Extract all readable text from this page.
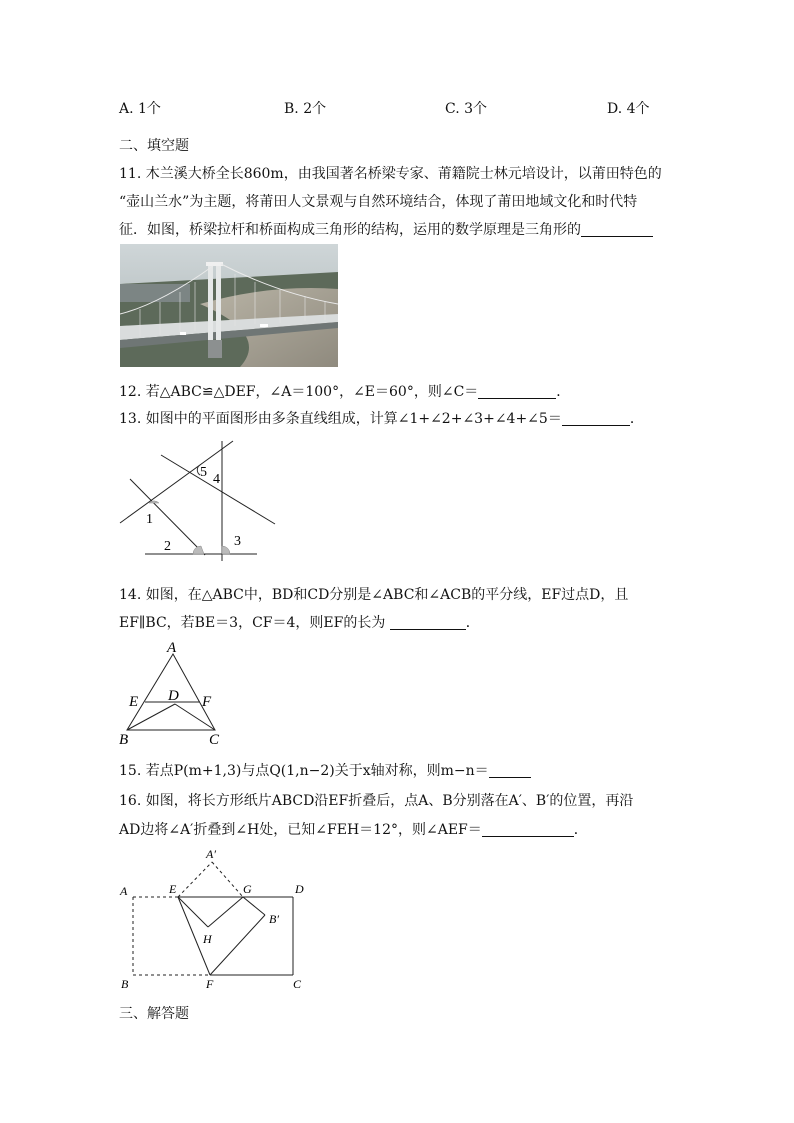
A. 1个	B. 2个	C. 3个	D. 4个
二、填空题
11. 木兰溪大桥全长860m，由我国著名桥梁专家、莆籍院士林元培设计，以莆田特色的
“壶山兰水”为主题，将莆田人文景观与自然环境结合，体现了莆田地域文化和时代特
征．如图，桥梁拉杆和桥面构成三角形的结构，运用的数学原理是三角形的
12. 若△ABC≌△DEF，∠A＝100°，∠E＝60°，则∠C＝	．
13. 如图中的平面图形由多条直线组成，计算∠1+∠2+∠3+∠4+∠5＝	．
1
2	3
4
5
14. 如图，在△ABC中，BD和CD分别是∠ABC和∠ACB的平分线，EF过点D，且
EF∥BC，若BE＝3，CF＝4，则EF的长为	．
A
B	C
D
E	F
15. 若点P(m+1,3)与点Q(1,n−2)关于x轴对称，则m−n＝
16. 如图，将长方形纸片ABCD沿EF折叠后，点A、B分别落在A′、B′的位置，再沿
AD边将∠A′折叠到∠H处，已知∠FEH＝12°，则∠AEF＝	．
A
A′
B
B′
C
D
E
F
G
H
三、解答题
